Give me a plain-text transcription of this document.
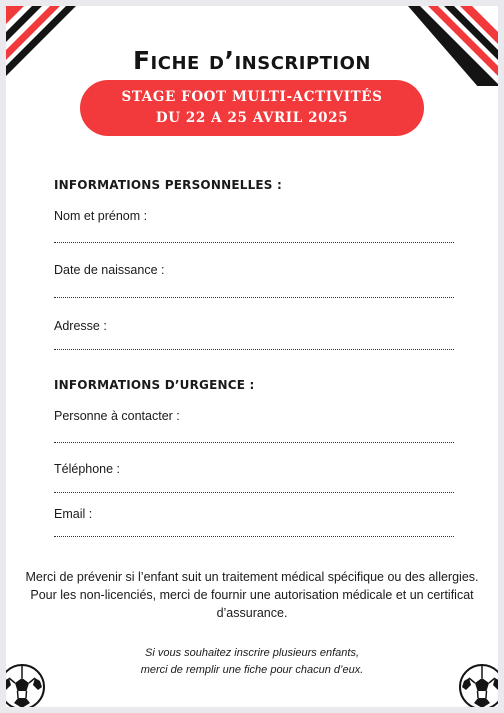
Fiche d’inscription
STAGE FOOT MULTI-ACTIVITÉS
DU 22 A 25 AVRIL 2025
INFORMATIONS PERSONNELLES :
Nom et prénom :
Date de naissance :
Adresse :
INFORMATIONS D’URGENCE :
Personne à contacter :
Téléphone :
Email :
Merci de prévenir si l’enfant suit un traitement médical spécifique ou des allergies.
Pour les non-licenciés, merci de fournir une autorisation médicale et un certificat
d’assurance.
Si vous souhaitez inscrire plusieurs enfants,
merci de remplir une fiche pour chacun d’eux.
